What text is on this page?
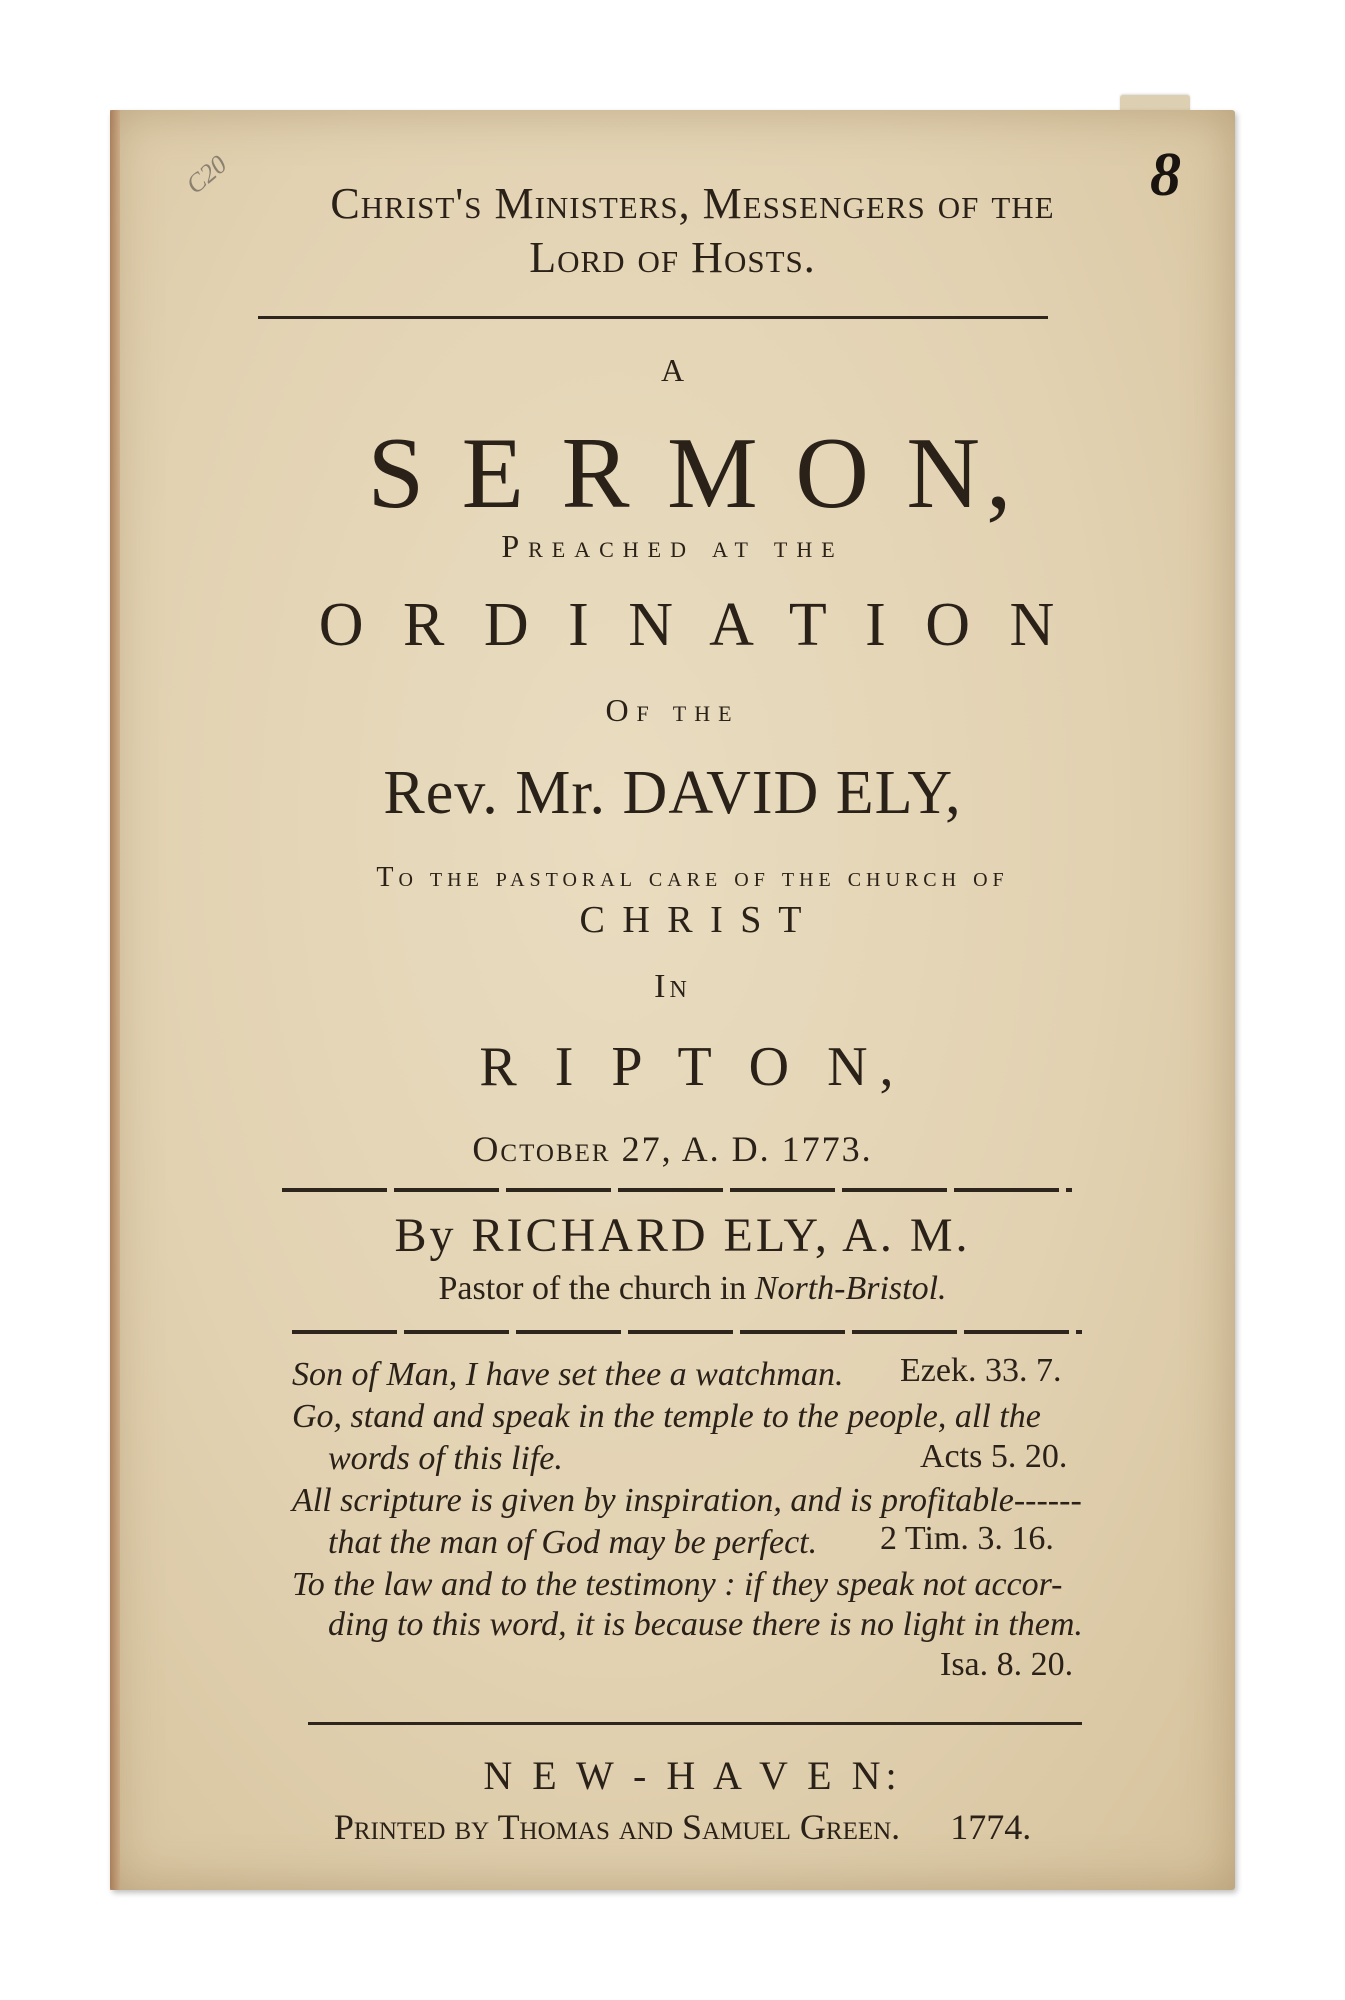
8
C20
Christ's Ministers, Messengers of the
Lord of Hosts.
A
S E R M O N,
Preached at the
O R D I N A T I O N
Of the
Rev. Mr. DAVID ELY,
To the pastoral care of the church of
C H R I S T
In
R I P T O N,
October 27, A. D. 1773.
By RICHARD ELY, A. M.
Pastor of the church in North-Bristol.
Son of Man, I have set thee a watchman. Ezek. 33. 7.
Go, stand and speak in the temple to the people, all the
words of this life.	Acts 5. 20.
All scripture is given by inspiration, and is profitable------
that the man of God may be perfect. 2 Tim. 3. 16.
To the law and to the testimony : if they speak not accor-
ding to this word, it is because there is no light in them.
Isa. 8. 20.
N E W - H A V E N:
Printed by Thomas and Samuel Green. 1774.
